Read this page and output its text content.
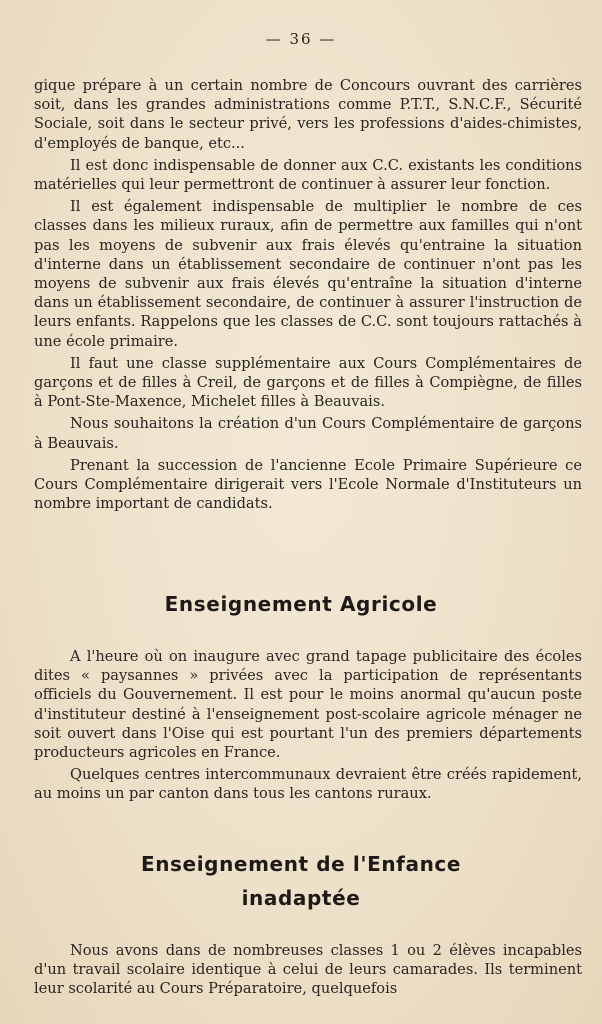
— 36 —

gique prépare à un certain nombre de Concours ouvrant des carrières soit, dans les grandes administrations comme P.T.T., S.N.C.F., Sécurité Sociale, soit dans le secteur privé, vers les professions d'aides-chimistes, d'employés de banque, etc...

Il est donc indispensable de donner aux C.C. existants les conditions matérielles qui leur permettront de continuer à assurer leur fonction.

Il est également indispensable de multiplier le nombre de ces classes dans les milieux ruraux, afin de permettre aux familles qui n'ont pas les moyens de subvenir aux frais élevés qu'entraine la situation d'interne dans un établissement secondaire de continuer n'ont pas les moyens de subvenir aux frais élevés qu'entraîne la situation d'interne dans un établissement secondaire, de continuer à assurer l'instruction de leurs enfants. Rappelons que les classes de C.C. sont toujours rattachés à une école primaire.

Il faut une classe supplémentaire aux Cours Complémentaires de garçons et de filles à Creil, de garçons et de filles à Compiègne, de filles à Pont-Ste-Maxence, Michelet filles à Beauvais.

Nous souhaitons la création d'un Cours Complémentaire de garçons à Beauvais.

Prenant la succession de l'ancienne Ecole Primaire Supérieure ce Cours Complémentaire dirigerait vers l'Ecole Normale d'Instituteurs un nombre important de candidats.

Enseignement Agricole

A l'heure où on inaugure avec grand tapage publicitaire des écoles dites « paysannes » privées avec la participation de représentants officiels du Gouvernement. Il est pour le moins anormal qu'aucun poste d'instituteur destiné à l'enseignement post-scolaire agricole ménager ne soit ouvert dans l'Oise qui est pourtant l'un des premiers départements producteurs agricoles en France.

Quelques centres intercommunaux devraient être créés rapidement, au moins un par canton dans tous les cantons ruraux.

Enseignement de l'Enfance
inadaptée

Nous avons dans de nombreuses classes 1 ou 2 élèves incapables d'un travail scolaire identique à celui de leurs camarades. Ils terminent leur scolarité au Cours Préparatoire, quelquefois
